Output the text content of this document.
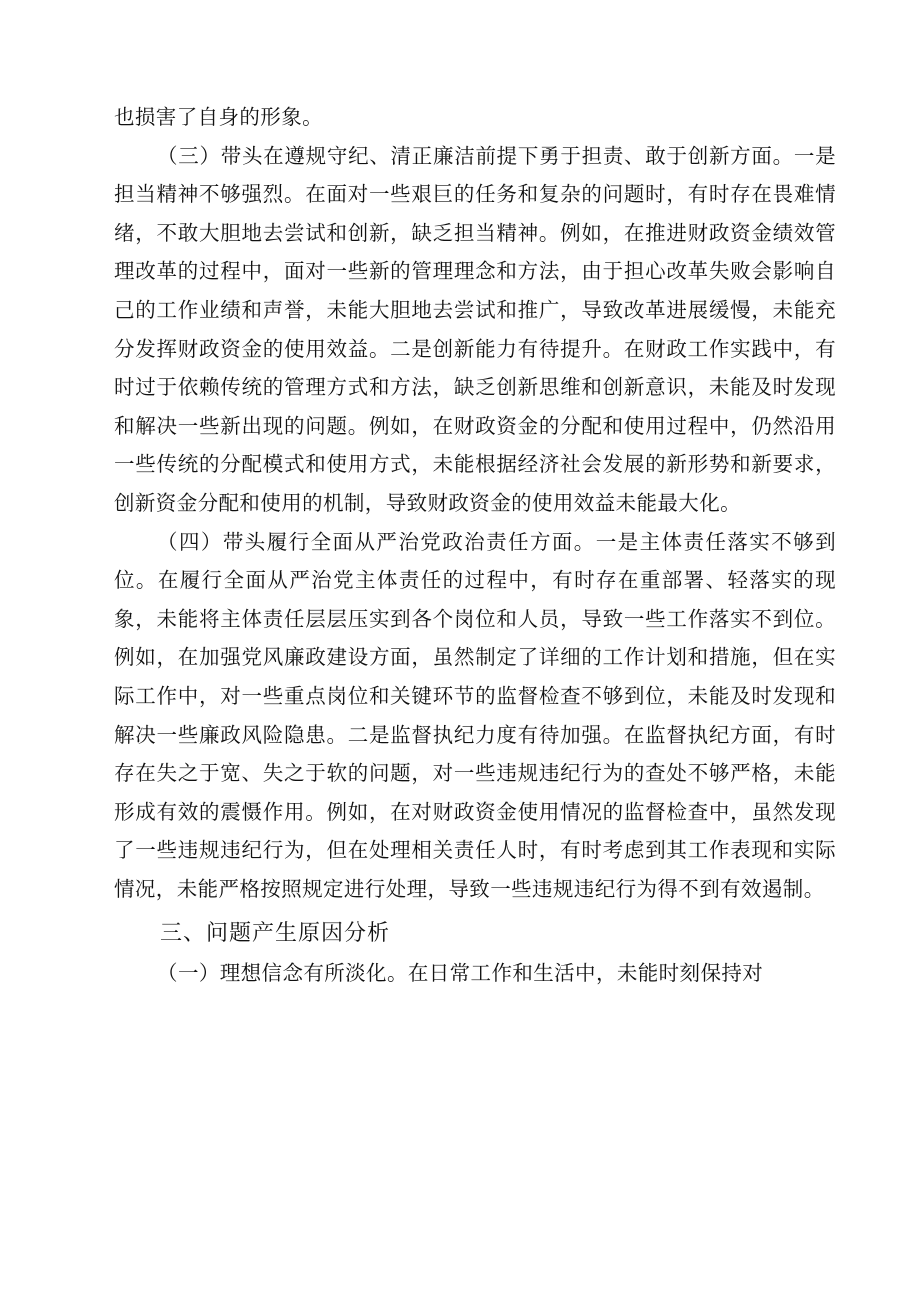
也损害了自身的形象。

（三）带头在遵规守纪、清正廉洁前提下勇于担责、敢于创新方面。一是担当精神不够强烈。在面对一些艰巨的任务和复杂的问题时，有时存在畏难情绪，不敢大胆地去尝试和创新，缺乏担当精神。例如，在推进财政资金绩效管理改革的过程中，面对一些新的管理理念和方法，由于担心改革失败会影响自己的工作业绩和声誉，未能大胆地去尝试和推广，导致改革进展缓慢，未能充分发挥财政资金的使用效益。二是创新能力有待提升。在财政工作实践中，有时过于依赖传统的管理方式和方法，缺乏创新思维和创新意识，未能及时发现和解决一些新出现的问题。例如，在财政资金的分配和使用过程中，仍然沿用一些传统的分配模式和使用方式，未能根据经济社会发展的新形势和新要求，创新资金分配和使用的机制，导致财政资金的使用效益未能最大化。

（四）带头履行全面从严治党政治责任方面。一是主体责任落实不够到位。在履行全面从严治党主体责任的过程中，有时存在重部署、轻落实的现象，未能将主体责任层层压实到各个岗位和人员，导致一些工作落实不到位。例如，在加强党风廉政建设方面，虽然制定了详细的工作计划和措施，但在实际工作中，对一些重点岗位和关键环节的监督检查不够到位，未能及时发现和解决一些廉政风险隐患。二是监督执纪力度有待加强。在监督执纪方面，有时存在失之于宽、失之于软的问题，对一些违规违纪行为的查处不够严格，未能形成有效的震慑作用。例如，在对财政资金使用情况的监督检查中，虽然发现了一些违规违纪行为，但在处理相关责任人时，有时考虑到其工作表现和实际情况，未能严格按照规定进行处理，导致一些违规违纪行为得不到有效遏制。

三、问题产生原因分析

（一）理想信念有所淡化。在日常工作和生活中，未能时刻保持对
